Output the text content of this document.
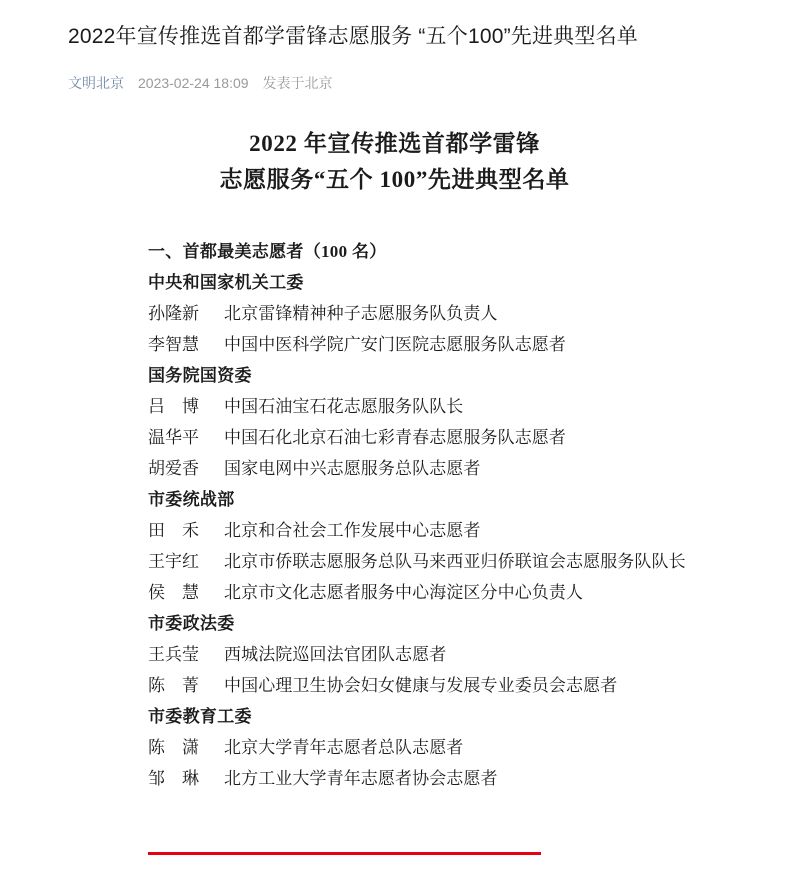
2022年宣传推选首都学雷锋志愿服务 “五个100”先进典型名单
文明北京 2023-02-24 18:09 发表于北京
2022 年宣传推选首都学雷锋
志愿服务“五个 100”先进典型名单
一、首都最美志愿者（100 名）
中央和国家机关工委
孙隆新	北京雷锋精神种子志愿服务队负责人
李智慧	中国中医科学院广安门医院志愿服务队志愿者
国务院国资委
吕　博	中国石油宝石花志愿服务队队长
温华平	中国石化北京石油七彩青春志愿服务队志愿者
胡爱香	国家电网中兴志愿服务总队志愿者
市委统战部
田　禾	北京和合社会工作发展中心志愿者
王宇红	北京市侨联志愿服务总队马来西亚归侨联谊会志愿服务队队长
侯　慧	北京市文化志愿者服务中心海淀区分中心负责人
市委政法委
王兵莹	西城法院巡回法官团队志愿者
陈　菁	中国心理卫生协会妇女健康与发展专业委员会志愿者
市委教育工委
陈　潇	北京大学青年志愿者总队志愿者
邹　琳	北方工业大学青年志愿者协会志愿者
